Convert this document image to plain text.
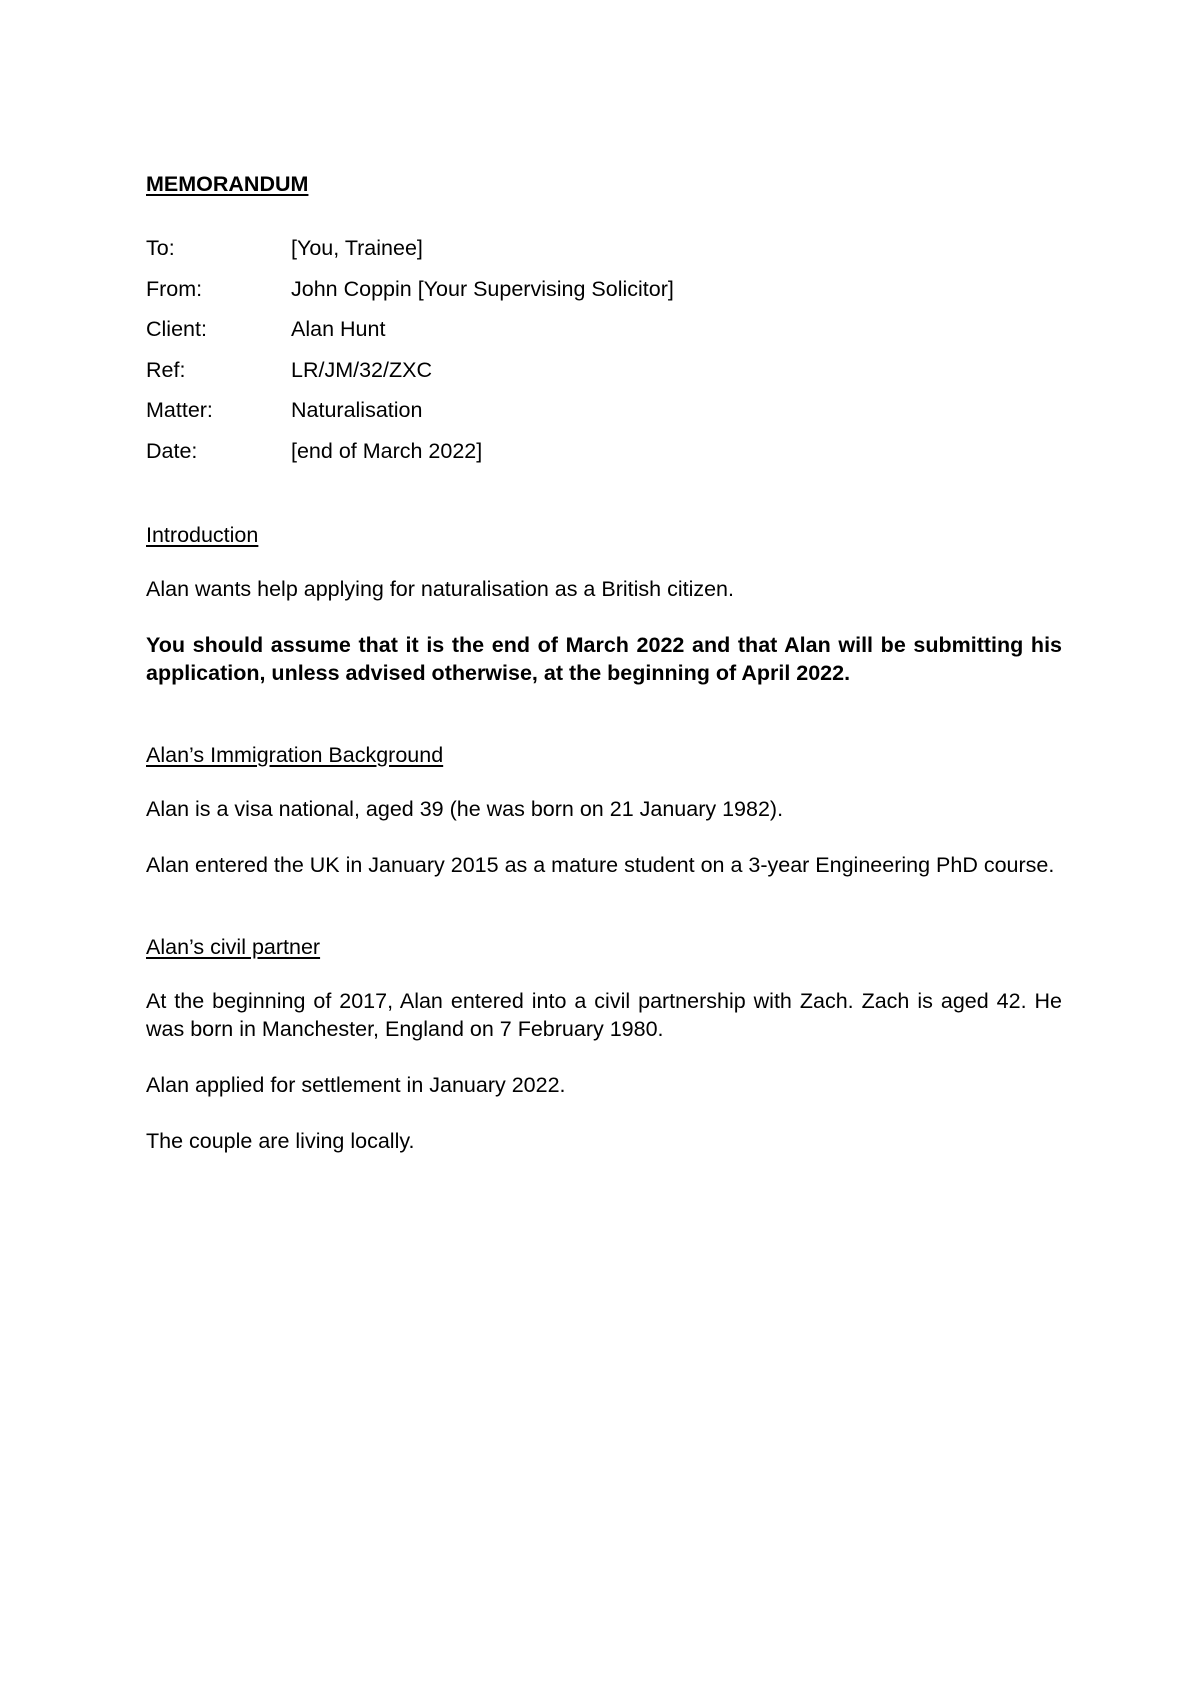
MEMORANDUM
To:	[You, Trainee]
From:	John Coppin [Your Supervising Solicitor]
Client:	Alan Hunt
Ref:	LR/JM/32/ZXC
Matter:	Naturalisation
Date:	[end of March 2022]
Introduction

Alan wants help applying for naturalisation as a British citizen.

You should assume that it is the end of March 2022 and that Alan will be submitting his application, unless advised otherwise, at the beginning of April 2022.

Alan’s Immigration Background

Alan is a visa national, aged 39 (he was born on 21 January 1982).

Alan entered the UK in January 2015 as a mature student on a 3-year Engineering PhD course.

Alan’s civil partner

At the beginning of 2017, Alan entered into a civil partnership with Zach. Zach is aged 42. He was born in Manchester, England on 7 February 1980.

Alan applied for settlement in January 2022.

The couple are living locally.
